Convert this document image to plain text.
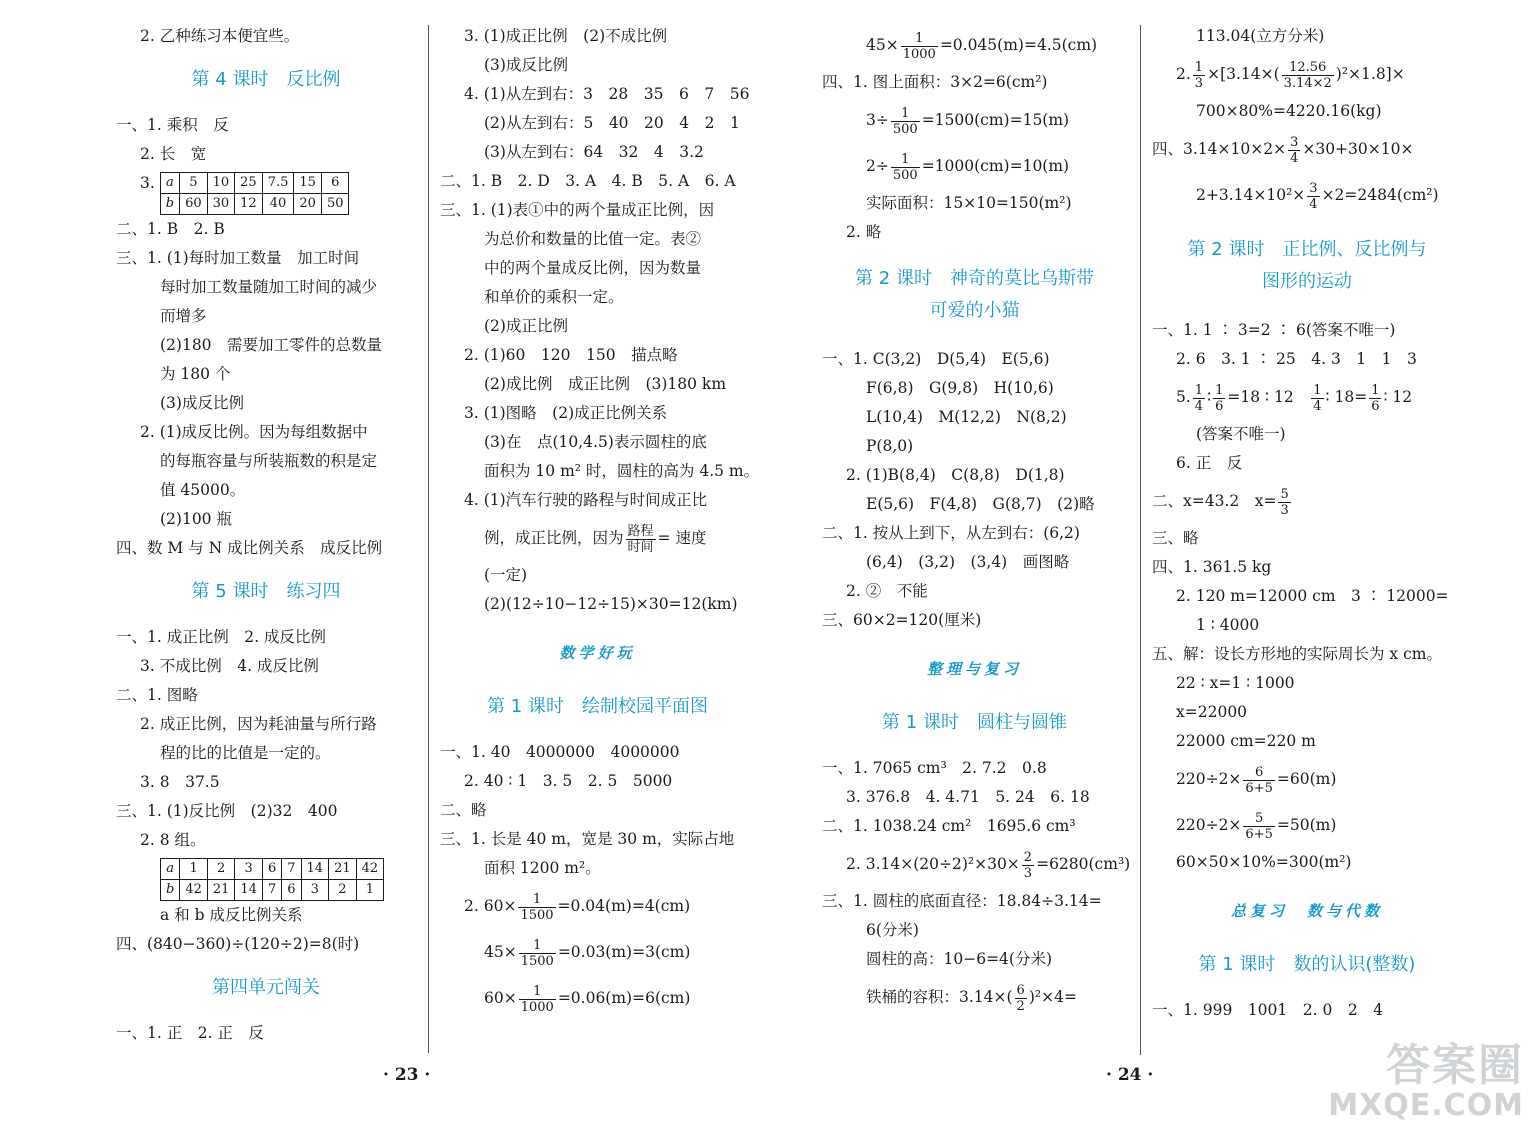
2. 乙种练习本便宜些。
第 4 课时　反比例
一、1. 乘积　反
2. 长　宽
3. a	5	10	25	7.5	15	6
b	60	30	12	40	20	50
二、1. B　2. B
三、1. (1)每时加工数量　加工时间
每时加工数量随加工时间的减少
而增多
(2)180　需要加工零件的总数量
为 180 个
(3)成反比例
2. (1)成反比例。因为每组数据中
的每瓶容量与所装瓶数的积是定
值 45000。
(2)100 瓶
四、数 M 与 N 成比例关系　成反比例
第 5 课时　练习四
一、1. 成正比例　2. 成反比例
3. 不成比例　4. 成反比例
二、1. 图略
2. 成正比例，因为耗油量与所行路
程的比的比值是一定的。
3. 8　37.5
三、1. (1)反比例　(2)32　400
2. 8 组。
a	1	2	3	6	7	14	21	42
b	42	21	14	7	6	3	2	1
a 和 b 成反比例关系
四、(840−360)÷(120÷2)=8(时)
第四单元闯关
一、1. 正　2. 正　反
3. (1)成正比例　(2)不成比例
(3)成反比例
4. (1)从左到右：3　28　35　6　7　56
(2)从左到右：5　40　20　4　2　1
(3)从左到右：64　32　4　3.2
二、1. B　2. D　3. A　4. B　5. A　6. A
三、1. (1)表①中的两个量成正比例，因
为总价和数量的比值一定。表②
中的两个量成反比例，因为数量
和单价的乘积一定。
(2)成正比例
2. (1)60　120　150　描点略
(2)成比例　成正比例　(3)180 km
3. (1)图略　(2)成正比例关系
(3)在　点(10,4.5)表示圆柱的底
面积为 10 m² 时，圆柱的高为 4.5 m。
4. (1)汽车行驶的路程与时间成正比
例，成正比例，因为 $\frac{\text{路程}}{\text{时间}}$ = 速度
(一定)
(2)(12÷10−12÷15)×30=12(km)
数学好玩
第 1 课时　绘制校园平面图
一、1. 40　4000000　4000000
2. 40 ∶ 1　3. 5　2. 5　5000
二、略
三、1. 长是 40 m，宽是 30 m，实际占地
面积 1200 m²。
2. $60\times \frac{1}{1500} =0.04(m)=4(cm)$
$45\times \frac{1}{1500} =0.03(m)=3(cm)$
$60\times \frac{1}{1000} =0.06(m)=6(cm)$
$45\times \frac{1}{1000} =0.045(m)=4.5(cm)$
四、1. 图上面积：3×2=6(cm²)
$3\div \frac{1}{500} =1500(cm)=15(m)$
$2\div \frac{1}{500} =1000(cm)=10(m)$
实际面积：15×10=150(m²)
2. 略
第 2 课时　神奇的莫比乌斯带
可爱的小猫
一、1. C(3,2)　D(5,4)　E(5,6)
F(6,8)　G(9,8)　H(10,6)
L(10,4)　M(12,2)　N(8,2)
P(8,0)
2. (1)B(8,4)　C(8,8)　D(1,8)
E(5,6)　F(4,8)　G(8,7)　(2)略
二、1. 按从上到下，从左到右：(6,2)
(6,4)　(3,2)　(3,4)　画图略
2. ②　不能
三、60×2=120(厘米)
整理与复习
第 1 课时　圆柱与圆锥
一、1. 7065 cm³　2. 7.2　0.8
3. 376.8　4. 4.71　5. 24　6. 18
二、1. 1038.24 cm²　1695.6 cm³
2. $3.14\times(20\div 2)^2\times 30\times \frac{2}{3} =6280(cm^3)$
三、1. 圆柱的底面直径：18.84÷3.14=
6(分米)
圆柱的高：10−6=4(分米)
铁桶的容积：$3.14\times( \frac{6}{2} )^2\times 4=$
113.04(立方分米)
2. $\frac{1}{3} \times[3.14\times( \frac{12.56}{3.14\times 2} )^2\times 1.8]\times$
700×80%=4220.16(kg)
四、$3.14\times 10\times 2\times \frac{3}{4} \times 30+30\times 10\times$
$2+3.14\times 10^2\times \frac{3}{4} \times 2=2484(cm^2)$
第 2 课时　正比例、反比例与
图形的运动
一、1. 1 ∶ 3=2 ∶ 6(答案不唯一)
2. 6　3. 1 ∶ 25　4. 3　1　1　3
5. $\frac{1}{4}$ ∶ $\frac{1}{6} =18$ ∶ 12　 $\frac{1}{4}$ ∶ $18= \frac{1}{6}$ ∶ 12
(答案不唯一)
6. 正　反
二、x=43.2　$x= \frac{5}{3}$
三、略
四、1. 361.5 kg
2. 120 m=12000 cm　3 ∶ 12000=
1 ∶ 4000
五、解：设长方形地的实际周长为 x cm。
22 ∶ x=1 ∶ 1000
x=22000
22000 cm=220 m
$220\div 2\times \frac{6}{6+5} =60(m)$
$220\div 2\times \frac{5}{6+5} =50(m)$
60×50×10%=300(m²)
总复习　数与代数
第 1 课时　数的认识(整数)
一、1. 999　1001　2. 0　2　4
· 23 ·	· 24 ·	答案圈
MXQE.COM
